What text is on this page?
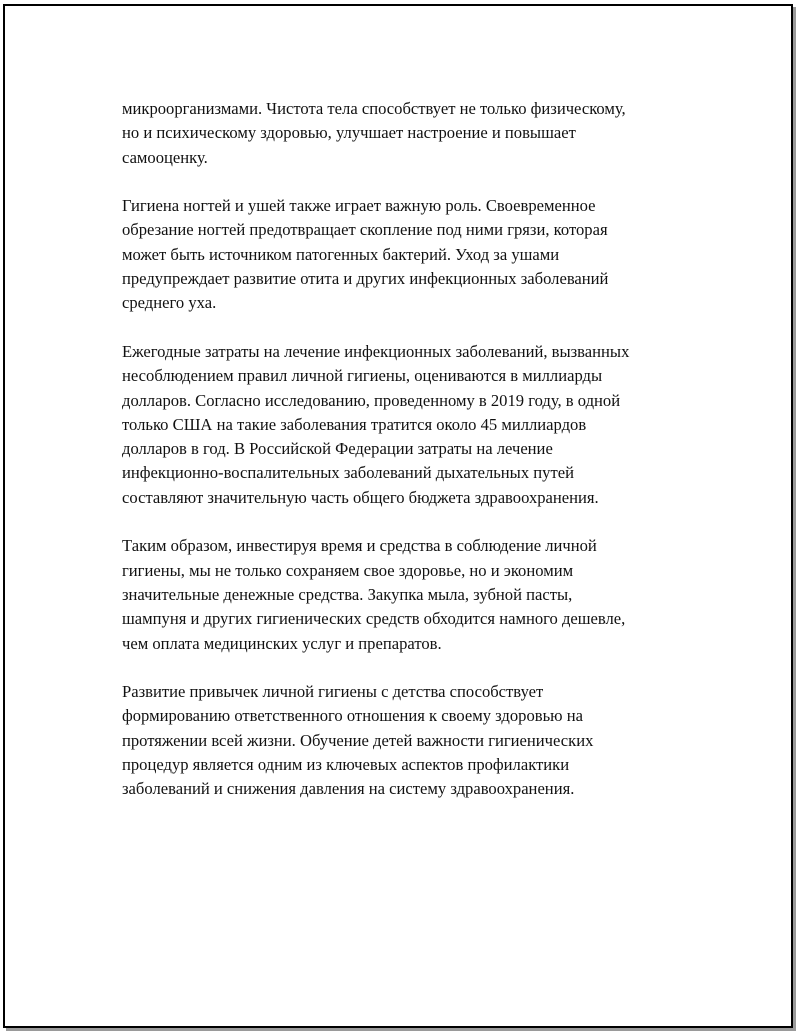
микроорганизмами. Чистота тела способствует не только физическому,
но и психическому здоровью, улучшает настроение и повышает
самооценку.

Гигиена ногтей и ушей также играет важную роль. Своевременное
обрезание ногтей предотвращает скопление под ними грязи, которая
может быть источником патогенных бактерий. Уход за ушами
предупреждает развитие отита и других инфекционных заболеваний
среднего уха.

Ежегодные затраты на лечение инфекционных заболеваний, вызванных
несоблюдением правил личной гигиены, оцениваются в миллиарды
долларов. Согласно исследованию, проведенному в 2019 году, в одной
только США на такие заболевания тратится около 45 миллиардов
долларов в год. В Российской Федерации затраты на лечение
инфекционно-воспалительных заболеваний дыхательных путей
составляют значительную часть общего бюджета здравоохранения.

Таким образом, инвестируя время и средства в соблюдение личной
гигиены, мы не только сохраняем свое здоровье, но и экономим
значительные денежные средства. Закупка мыла, зубной пасты,
шампуня и других гигиенических средств обходится намного дешевле,
чем оплата медицинских услуг и препаратов.

Развитие привычек личной гигиены с детства способствует
формированию ответственного отношения к своему здоровью на
протяжении всей жизни. Обучение детей важности гигиенических
процедур является одним из ключевых аспектов профилактики
заболеваний и снижения давления на систему здравоохранения.
